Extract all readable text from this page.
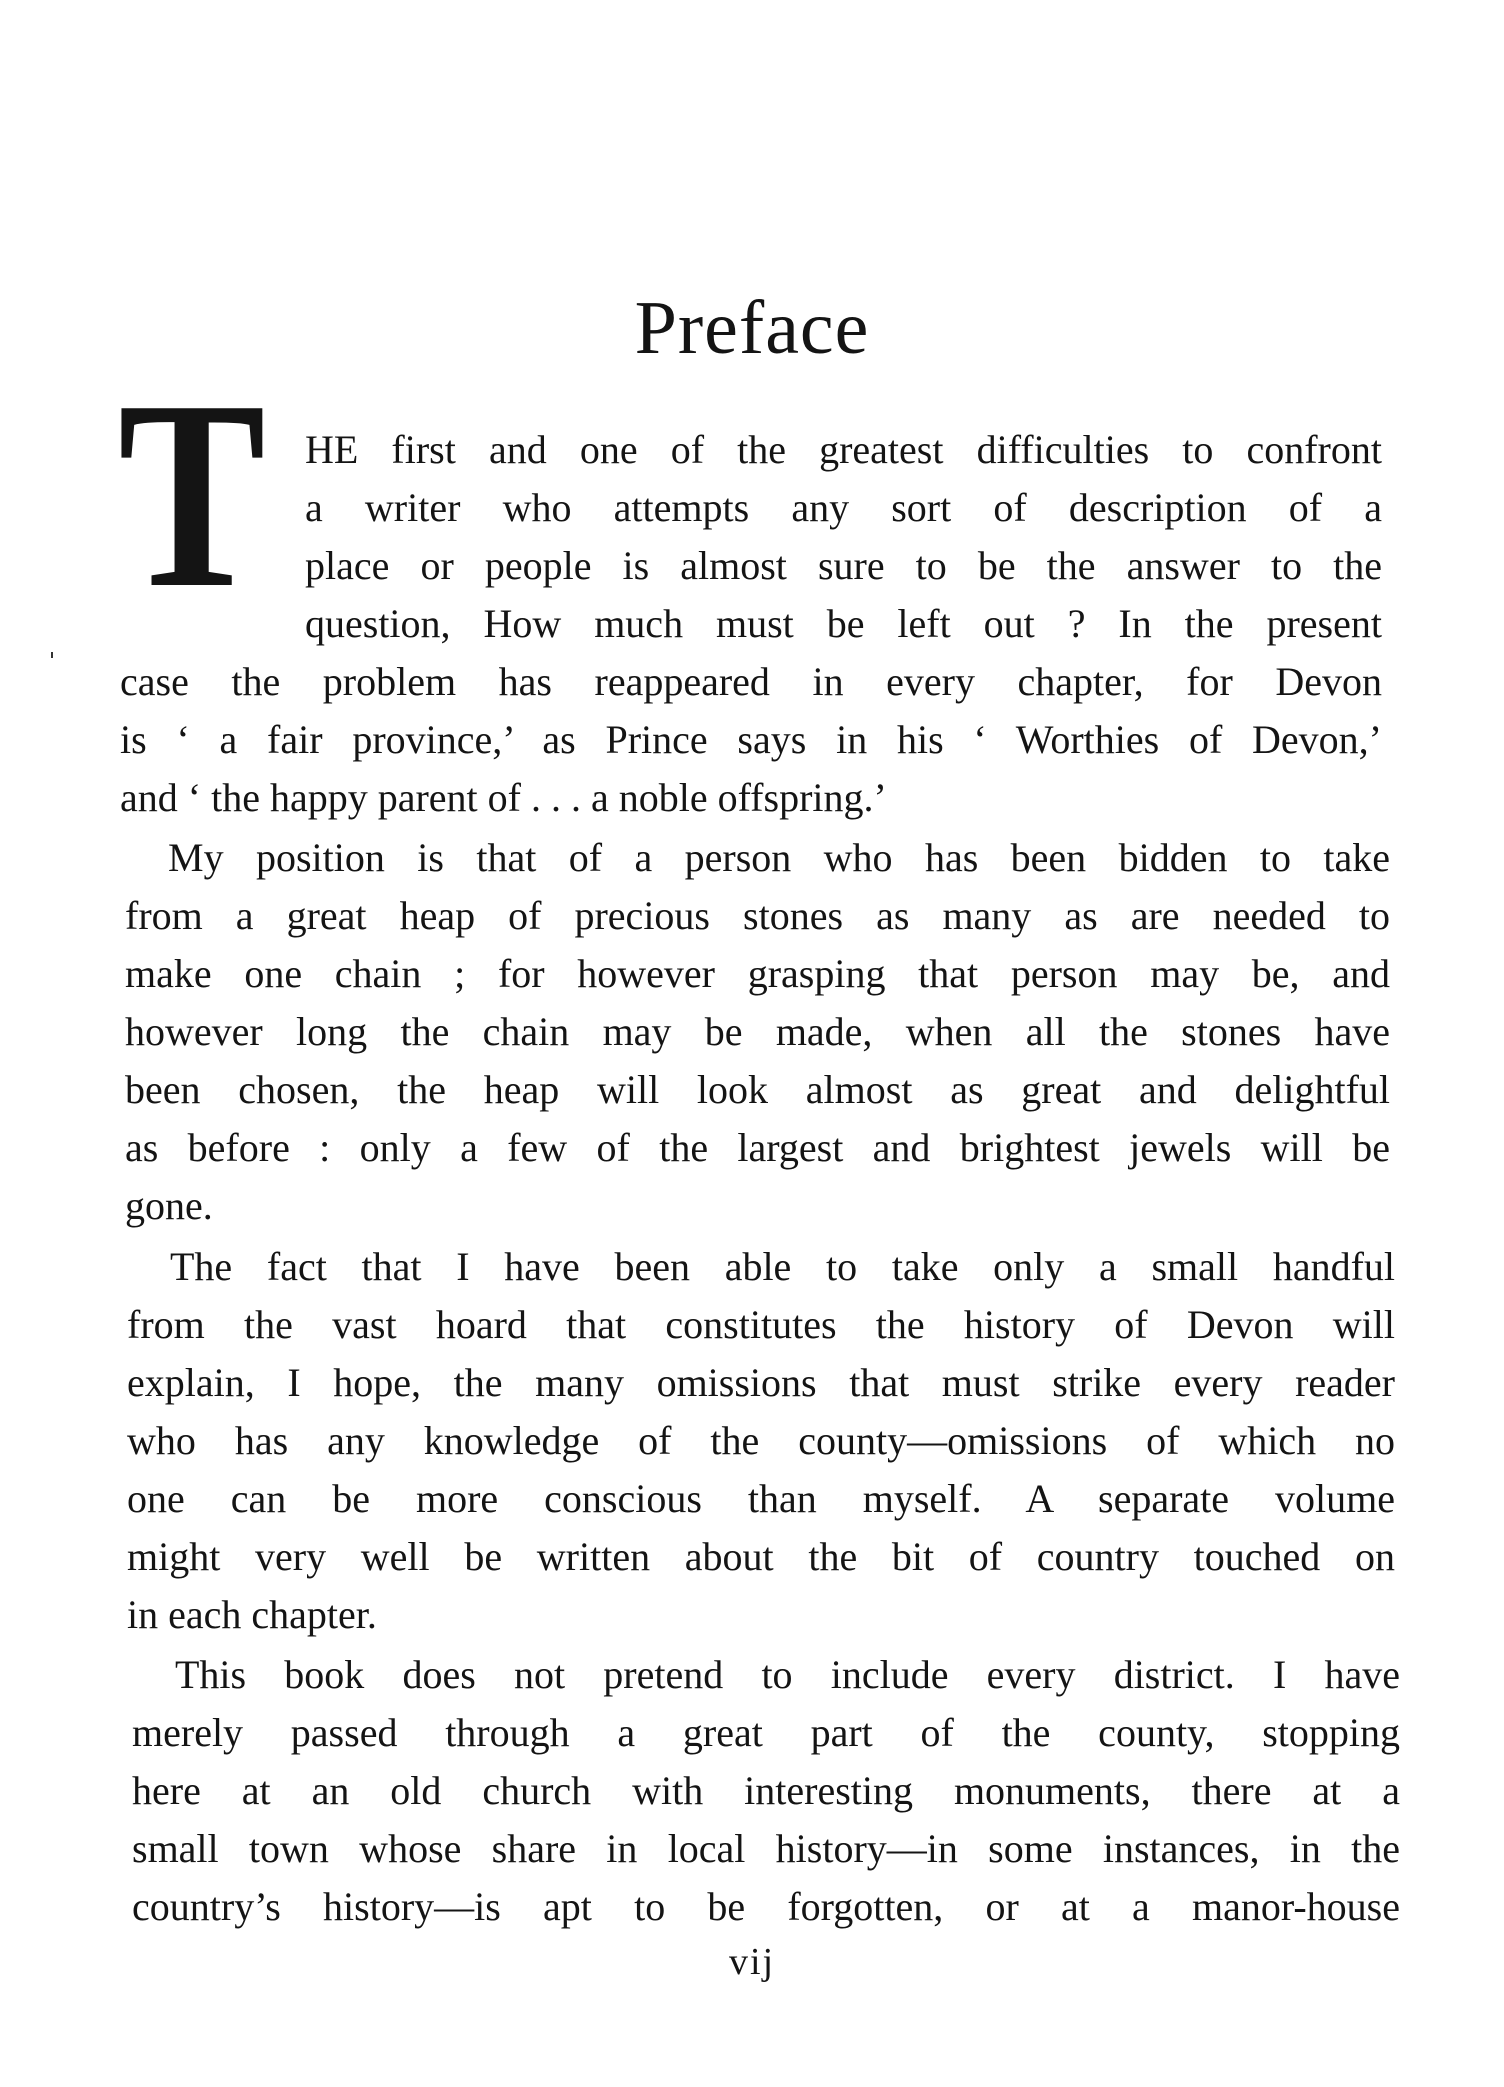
Preface
T HE first and one of the greatest difficulties to confront
a writer who attempts any sort of description of a
place or people is almost sure to be the answer to the
question, How much must be left out ? In the present
case the problem has reappeared in every chapter, for Devon
is ‘ a fair province,’ as Prince says in his ‘ Worthies of Devon,’
and ‘ the happy parent of . . . a noble offspring.’
My position is that of a person who has been bidden to take
from a great heap of precious stones as many as are needed to
make one chain ; for however grasping that person may be, and
however long the chain may be made, when all the stones have
been chosen, the heap will look almost as great and delightful
as before : only a few of the largest and brightest jewels will be
gone.
The fact that I have been able to take only a small handful
from the vast hoard that constitutes the history of Devon will
explain, I hope, the many omissions that must strike every reader
who has any knowledge of the county—omissions of which no
one can be more conscious than myself. A separate volume
might very well be written about the bit of country touched on
in each chapter.
This book does not pretend to include every district. I have
merely passed through a great part of the county, stopping
here at an old church with interesting monuments, there at a
small town whose share in local history—in some instances, in the
country’s history—is apt to be forgotten, or at a manor-house
vij
